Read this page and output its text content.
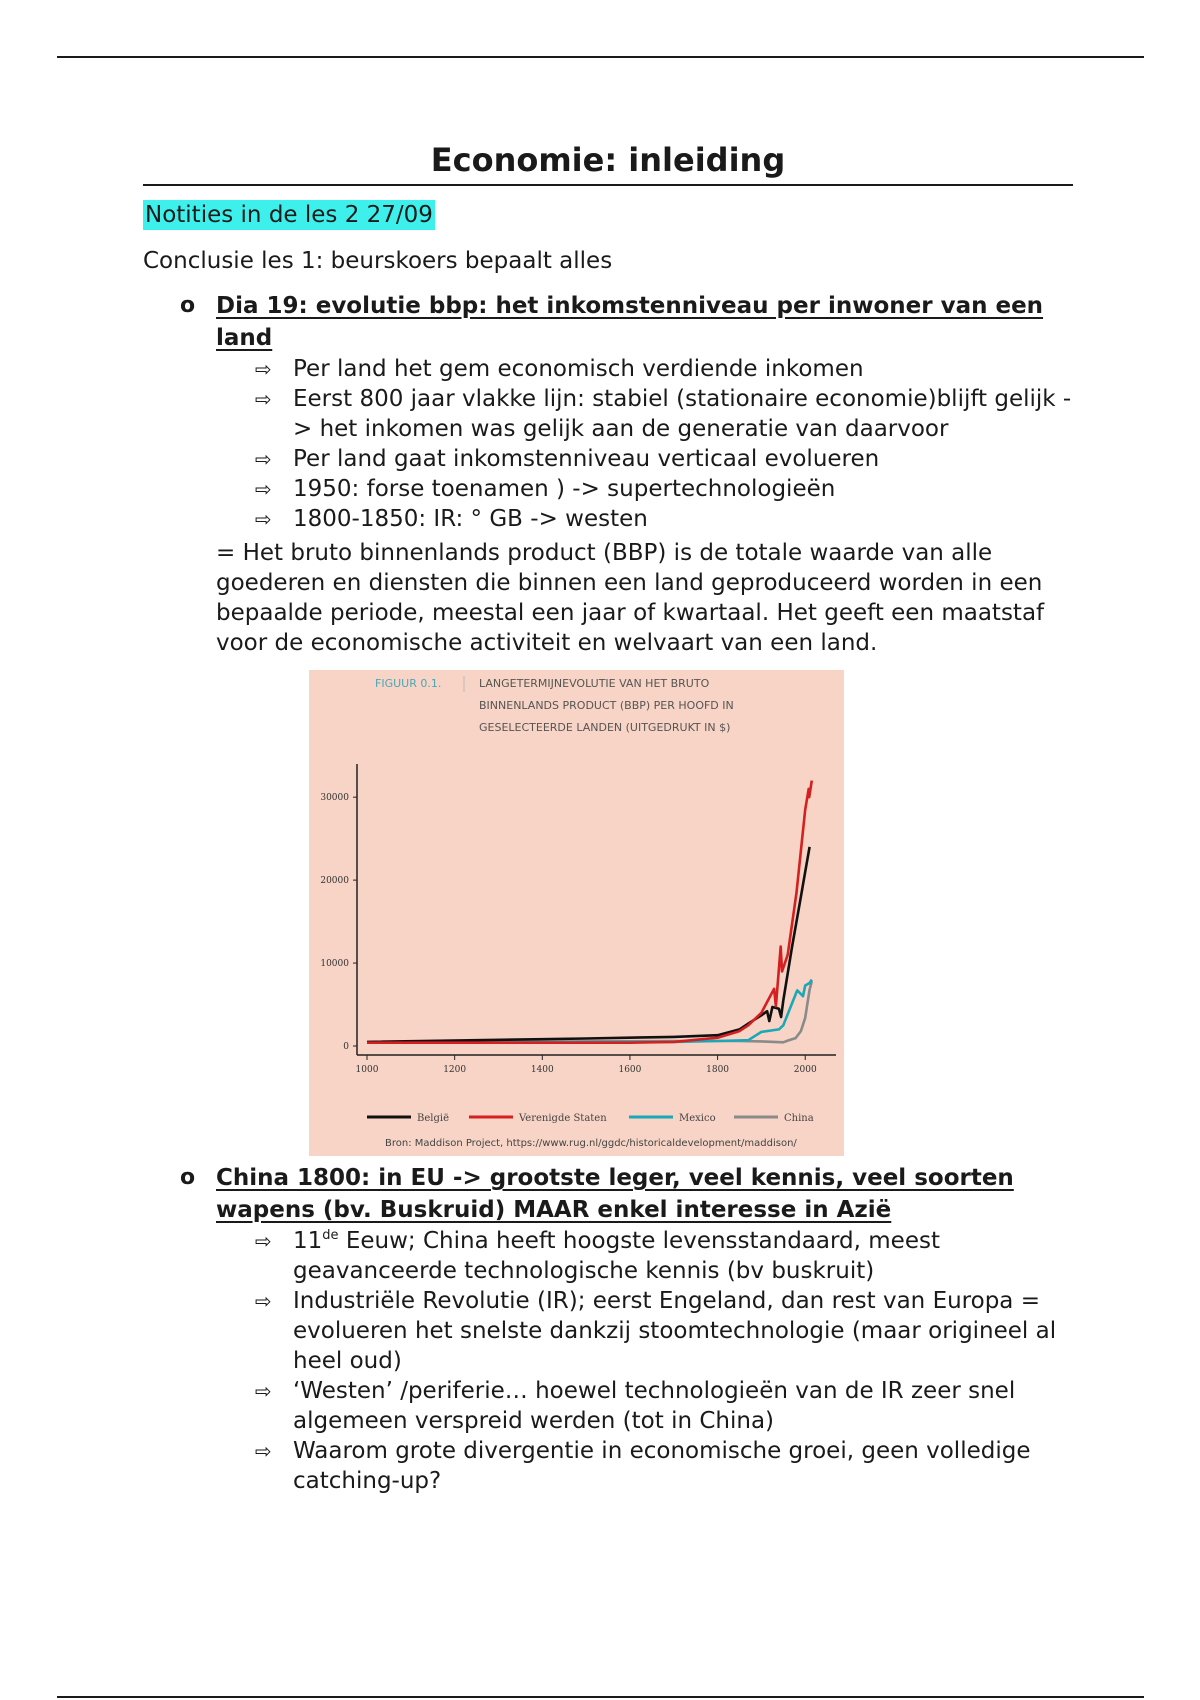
Economie: inleiding
Notities in de les 2 27/09
Conclusie les 1: beurskoers bepaalt alles
o Dia 19: evolutie bbp: het inkomstenniveau per inwoner van een land
⇨ Per land het gem economisch verdiende inkomen
⇨ Eerst 800 jaar vlakke lijn: stabiel (stationaire economie)blijft gelijk -> het inkomen was gelijk aan de generatie van daarvoor
⇨ Per land gaat inkomstenniveau verticaal evolueren
⇨ 1950: forse toenamen ) -> supertechnologieën
⇨ 1800-1850: IR: ° GB -> westen
= Het bruto binnenlands product (BBP) is de totale waarde van alle goederen en diensten die binnen een land geproduceerd worden in een bepaalde periode, meestal een jaar of kwartaal. Het geeft een maatstaf voor de economische activiteit en welvaart van een land.
FIGUUR 0.1.	LANGETERMIJNEVOLUTIE VAN HET BRUTO
BINNENLANDS PRODUCT (BBP) PER HOOFD IN
GESELECTEERDE LANDEN (UITGEDRUKT IN $)
0
10000
20000
30000
1000	1200	1400	1600	1800	2000
België	Verenigde Staten	Mexico	China
Bron: Maddison Project, https://www.rug.nl/ggdc/historicaldevelopment/maddison/
o China 1800: in EU -> grootste leger, veel kennis, veel soorten wapens (bv. Buskruid) MAAR enkel interesse in Azië
⇨ 11de Eeuw; China heeft hoogste levensstandaard, meest geavanceerde technologische kennis (bv buskruit)
⇨ Industriële Revolutie (IR); eerst Engeland, dan rest van Europa = evolueren het snelste dankzij stoomtechnologie (maar origineel al heel oud)
⇨ ‘Westen’ /periferie… hoewel technologieën van de IR zeer snel algemeen verspreid werden (tot in China)
⇨ Waarom grote divergentie in economische groei, geen volledige catching-up?
